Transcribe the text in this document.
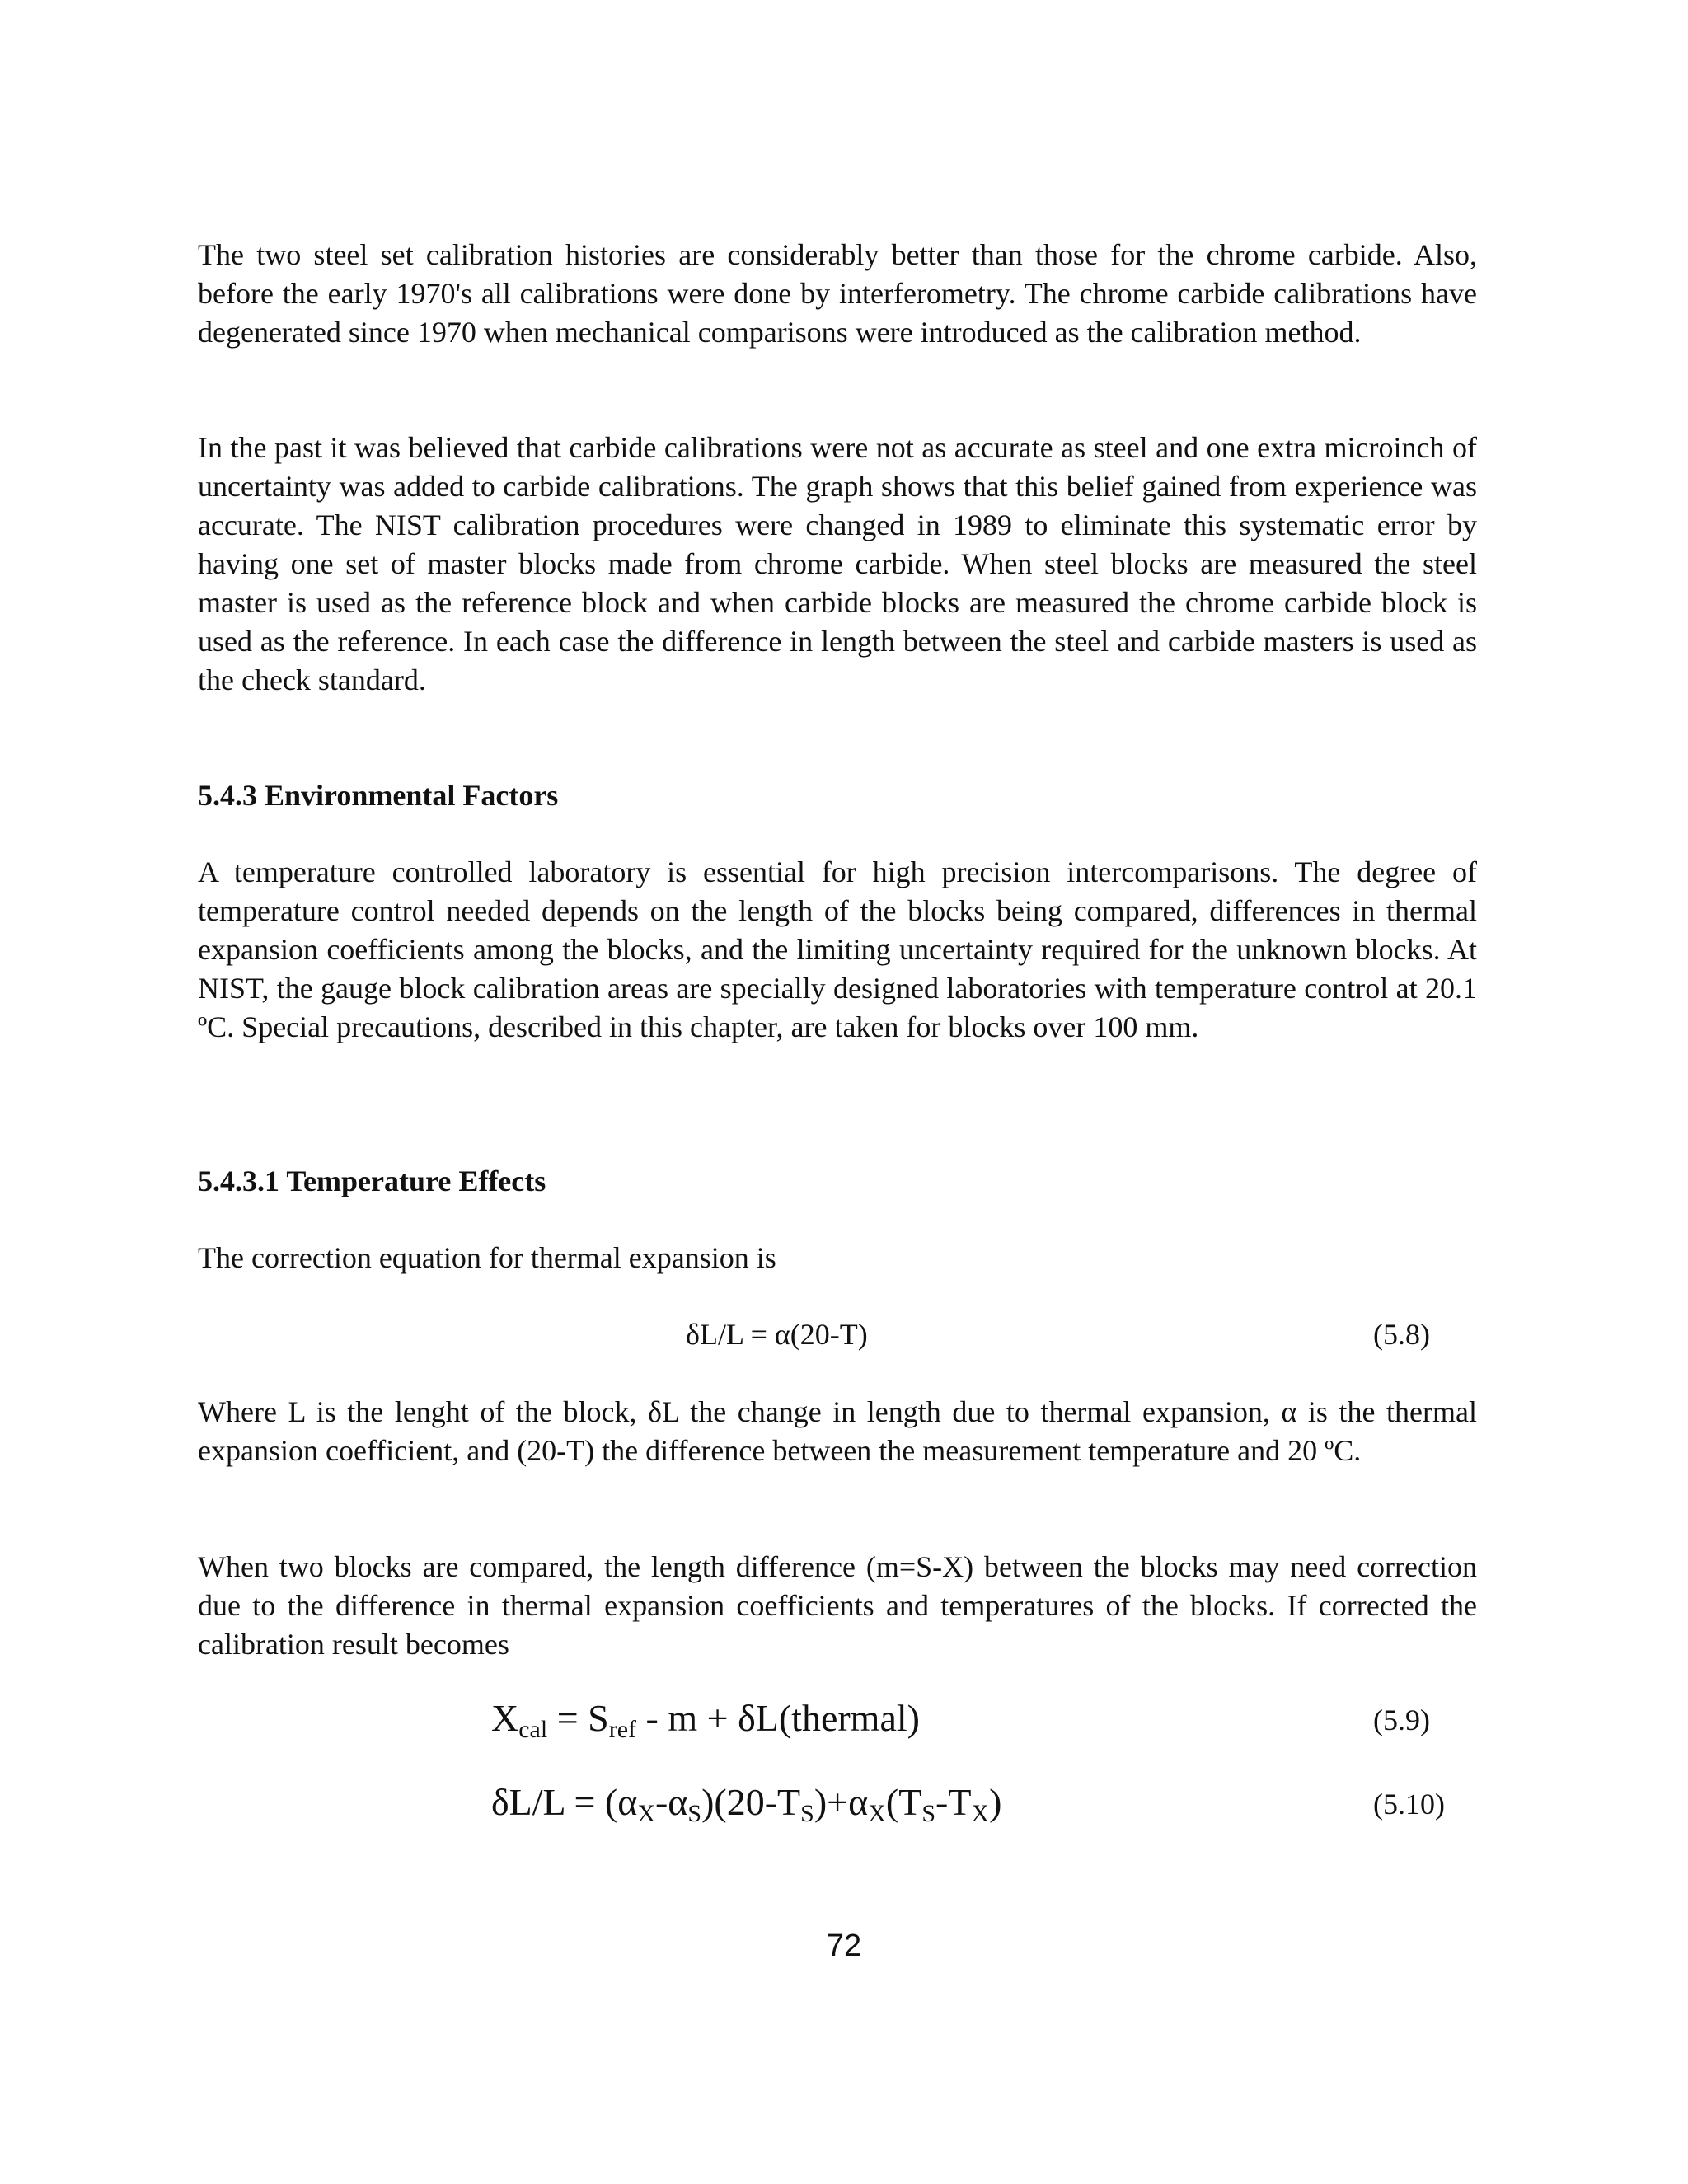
The two steel set calibration histories are considerably better than those for the chrome carbide. Also, before the early 1970's all calibrations were done by interferometry. The chrome carbide calibrations have degenerated since 1970 when mechanical comparisons were introduced as the calibration method.

In the past it was believed that carbide calibrations were not as accurate as steel and one extra microinch of uncertainty was added to carbide calibrations. The graph shows that this belief gained from experience was accurate. The NIST calibration procedures were changed in 1989 to eliminate this systematic error by having one set of master blocks made from chrome carbide. When steel blocks are measured the steel master is used as the reference block and when carbide blocks are measured the chrome carbide block is used as the reference. In each case the difference in length between the steel and carbide masters is used as the check standard.

5.4.3 Environmental Factors

A temperature controlled laboratory is essential for high precision intercomparisons. The degree of temperature control needed depends on the length of the blocks being compared, differences in thermal expansion coefficients among the blocks, and the limiting uncertainty required for the unknown blocks. At NIST, the gauge block calibration areas are specially designed laboratories with temperature control at 20.1 ºC. Special precautions, described in this chapter, are taken for blocks over 100 mm.

5.4.3.1 Temperature Effects

The correction equation for thermal expansion is

δL/L = α(20-T)	(5.8)

Where L is the lenght of the block, δL the change in length due to thermal expansion, α is the thermal expansion coefficient, and (20-T) the difference between the measurement temperature and 20 ºC.

When two blocks are compared, the length difference (m=S-X) between the blocks may need correction due to the difference in thermal expansion coefficients and temperatures of the blocks. If corrected the calibration result becomes

$X_{cal} = S_{ref} - m$ + δL(thermal)	(5.9)
$\delta L/L = (\alpha_X-\alpha_S)(20-T_S)+\alpha_X(T_S-T_X)$	(5.10)
72
